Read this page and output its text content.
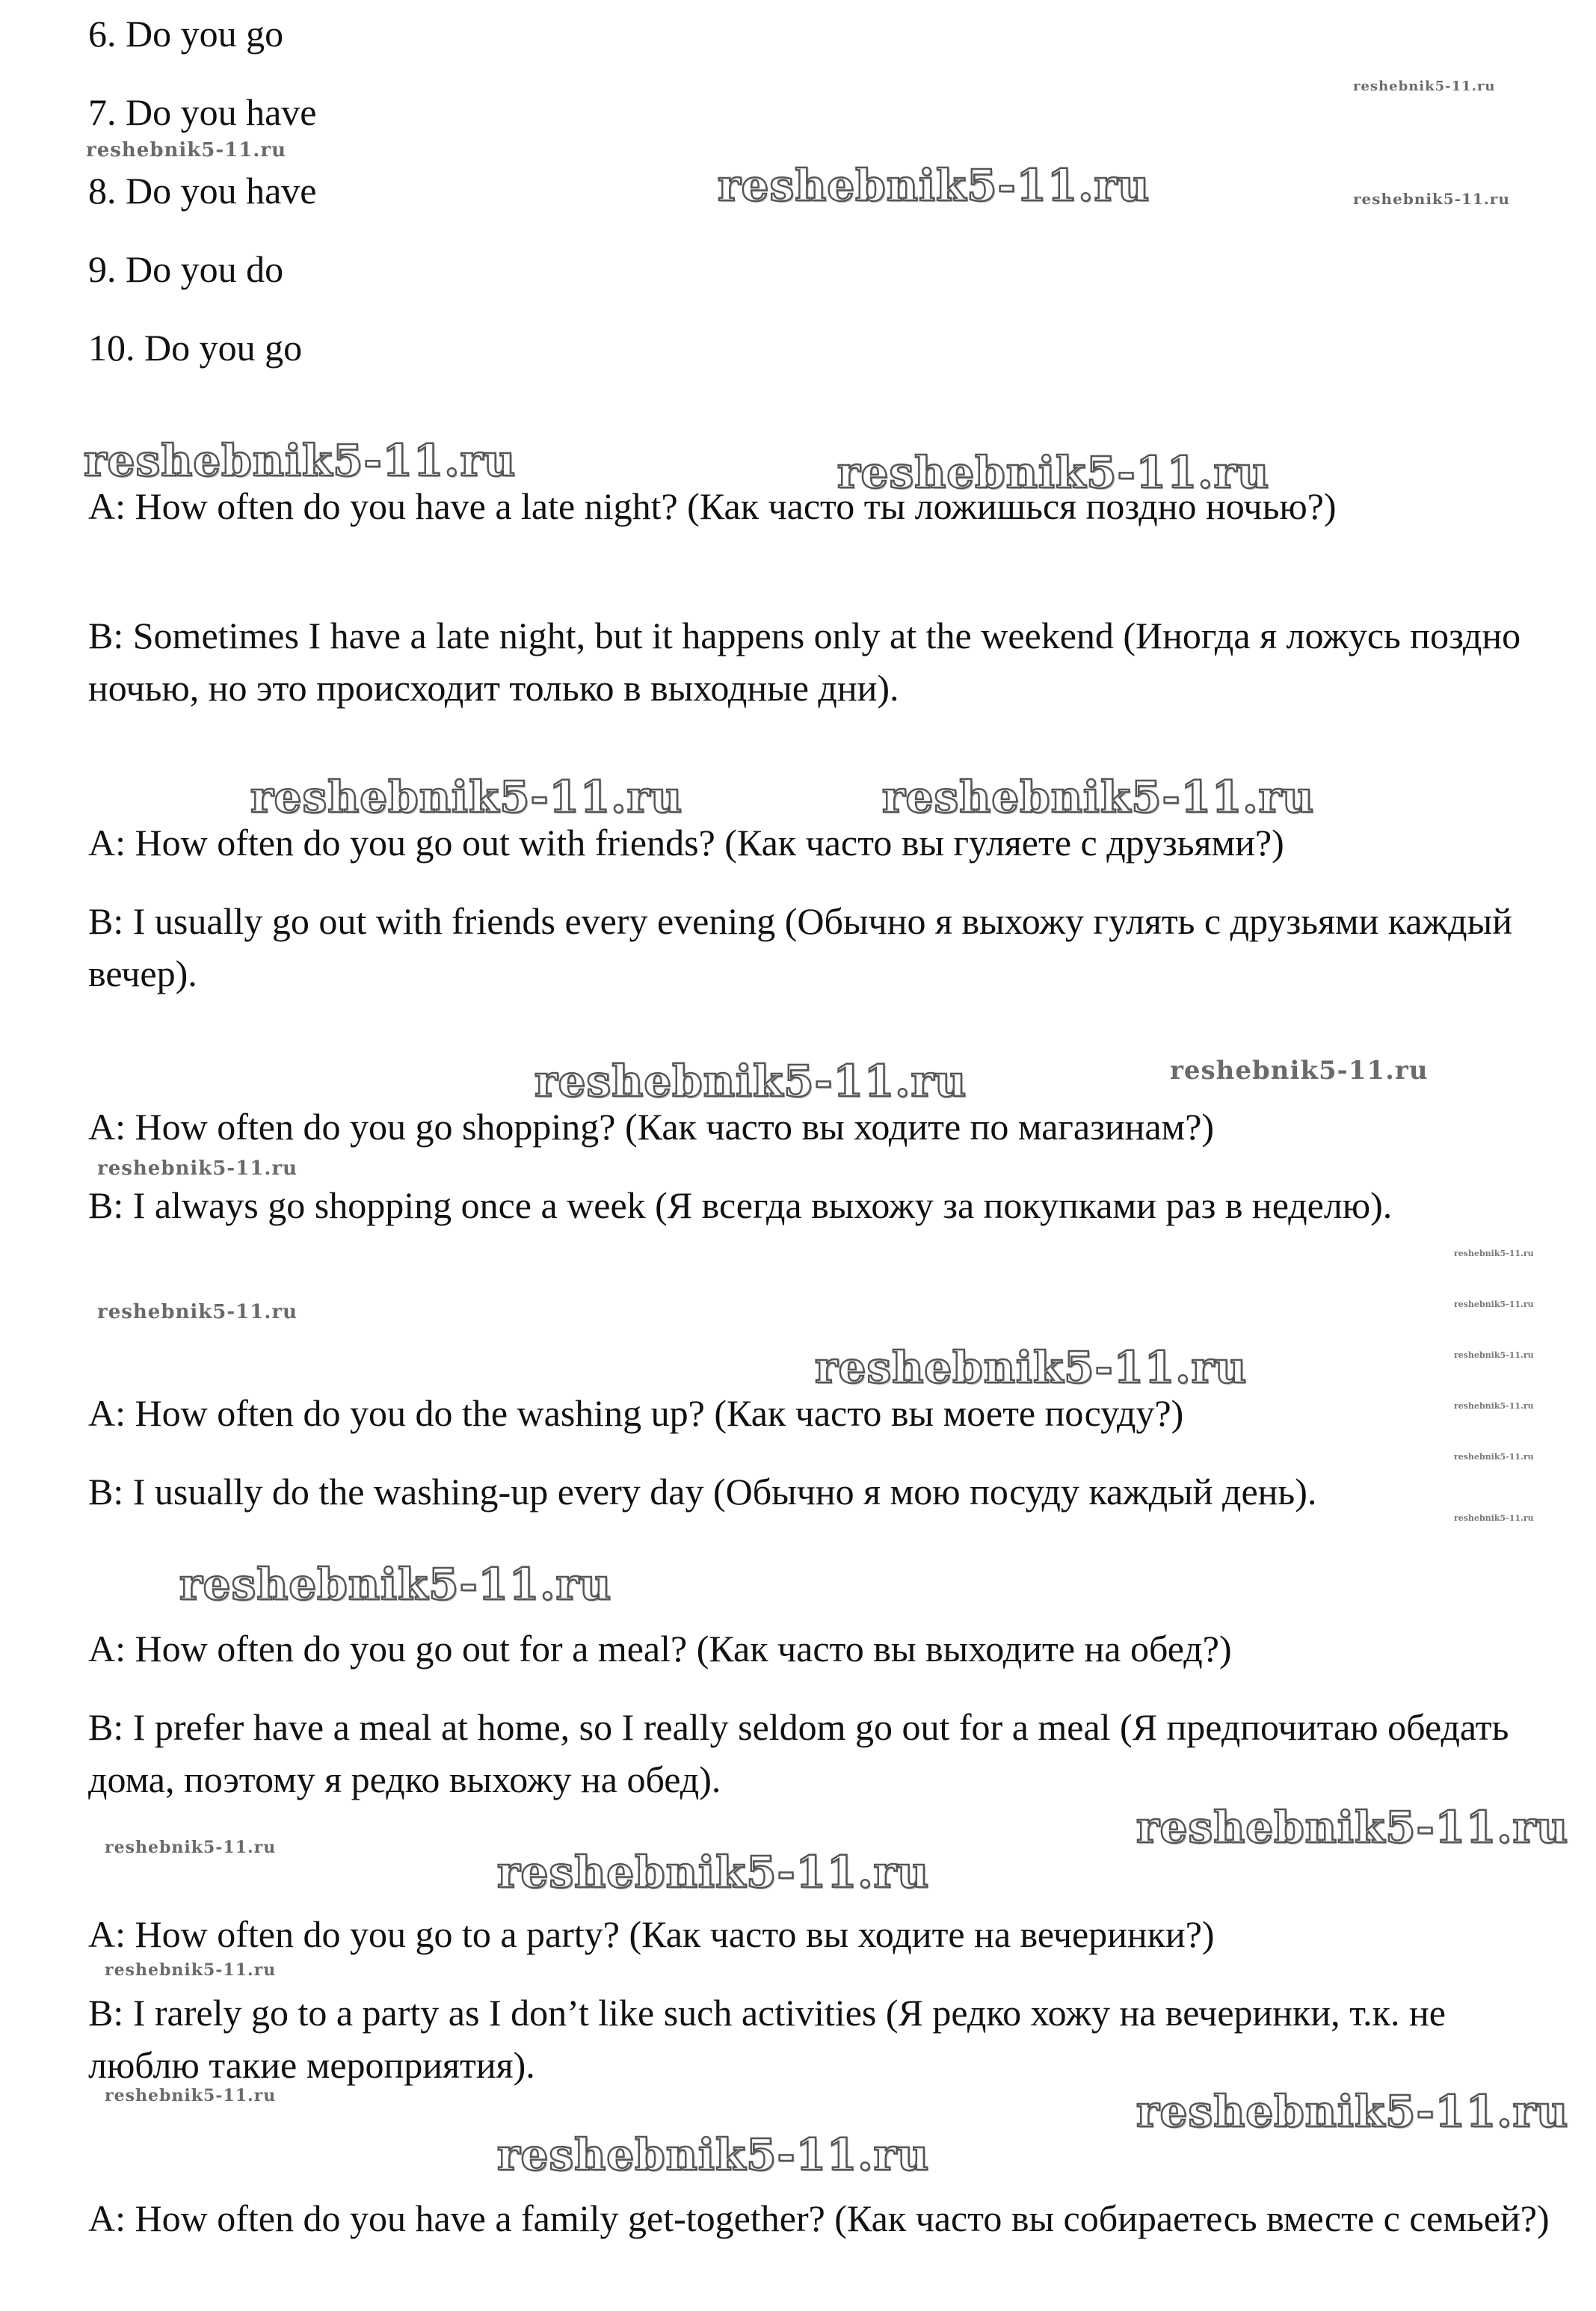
6. Do you go
7. Do you have
8. Do you have
9. Do you do
10. Do you go
A: How often do you have a late night? (Как часто ты ложишься поздно ночью?)
B: Sometimes I have a late night, but it happens only at the weekend (Иногда я ложусь поздно ночью, но это происходит только в выходные дни).
A: How often do you go out with friends? (Как часто вы гуляете с друзьями?)
B: I usually go out with friends every evening (Обычно я выхожу гулять с друзьями каждый вечер).
A: How often do you go shopping? (Как часто вы ходите по магазинам?)
B: I always go shopping once a week (Я всегда выхожу за покупками раз в неделю).
A: How often do you do the washing up? (Как часто вы моете посуду?)
B: I usually do the washing-up every day (Обычно я мою посуду каждый день).
A: How often do you go out for a meal? (Как часто вы выходите на обед?)
B: I prefer have a meal at home, so I really seldom go out for a meal (Я предпочитаю обедать дома, поэтому я редко выхожу на обед).
A: How often do you go to a party? (Как часто вы ходите на вечеринки?)
B: I rarely go to a party as I don’t like such activities (Я редко хожу на вечеринки, т.к. не люблю такие мероприятия).
A: How often do you have a family get-together? (Как часто вы собираетесь вместе с семьей?)
reshebnik5-11.ru
reshebnik5-11.ru	reshebnik5-11.ru
reshebnik5-11.ru	reshebnik5-11.ru
reshebnik5-11.ru
reshebnik5-11.ru
reshebnik5-11.ru
reshebnik5-11.ru
reshebnik5-11.ru
reshebnik5-11.ru
reshebnik5-11.ru
reshebnik5-11.ru
reshebnik5-11.ru
reshebnik5-11.ru
reshebnik5-11.ru
reshebnik5-11.ru
reshebnik5-11.ru
reshebnik5-11.ru
reshebnik5-11.ru
reshebnik5-11.ru
reshebnik5-11.ru
reshebnik5-11.ru
reshebnik5-11.ru
reshebnik5-11.ru
reshebnik5-11.ru
reshebnik5-11.ru
